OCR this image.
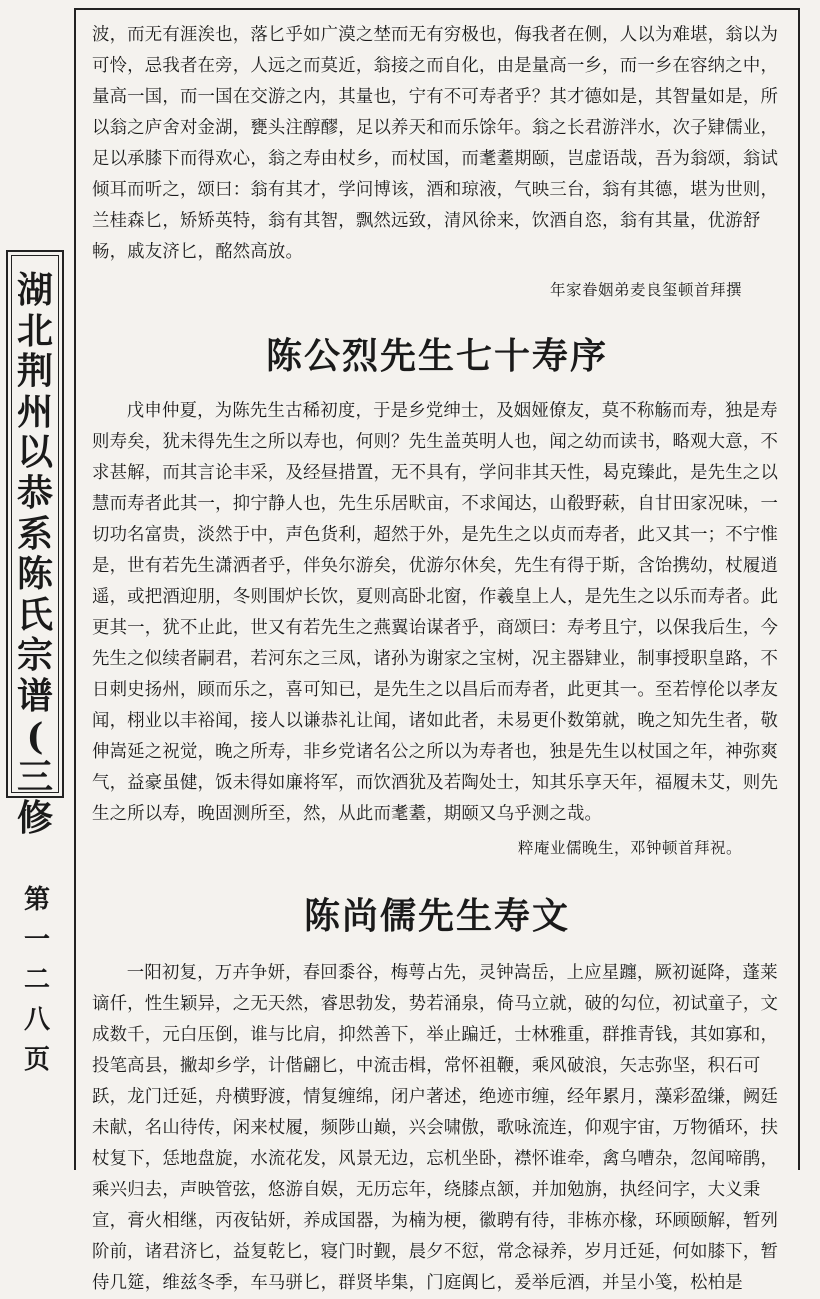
波，而无有涯涘也，落匕乎如广漠之埜而无有穷极也，侮我者在侧，人以为难堪，翁以为可怜，忌我者在旁，人远之而莫近，翁接之而自化，由是量高一乡，而一乡在容纳之中，量高一国，而一国在交游之内，其量也，宁有不可寿者乎？其才德如是，其智量如是，所以翁之庐舍对金湖，甕头注醇醪，足以养天和而乐馀年。翁之长君游泮水，次子肄儒业，足以承膝下而得欢心，翁之寿由杖乡，而杖国，而耄耋期颐，岂虚语哉，吾为翁颂，翁试倾耳而听之，颂曰：翁有其才，学问博该，酒和琼液，气映三台，翁有其德，堪为世则，兰桂森匕，矫矫英特，翁有其智，飘然远致，清风徐来，饮酒自恣，翁有其量，优游舒畅，戚友济匕，酩然高放。

年家眷姻弟麦良玺顿首拜撰

陈公烈先生七十寿序

戊申仲夏，为陈先生古稀初度，于是乡党绅士，及姻娅僚友，莫不称觞而寿，独是寿则寿矣，犹未得先生之所以寿也，何则？先生盖英明人也，闻之幼而读书，略观大意，不求甚解，而其言论丰采，及经昼措置，无不具有，学问非其天性，曷克臻此，是先生之以慧而寿者此其一，抑宁静人也，先生乐居畎亩，不求闻达，山殽野蔌，自甘田家况味，一切功名富贵，淡然于中，声色货利，超然于外，是先生之以贞而寿者，此又其一；不宁惟是，世有若先生潇洒者乎，伴奂尔游矣，优游尔休矣，先生有得于斯，含饴携幼，杖履逍遥，或把酒迎朋，冬则围炉长饮，夏则高卧北窗，作羲皇上人，是先生之以乐而寿者。此更其一，犹不止此，世又有若先生之燕翼诒谋者乎，商颂曰：寿考且宁，以保我后生，今先生之似续者嗣君，若河东之三凤，诸孙为谢家之宝树，况主器肄业，制事授职皇路，不日刺史扬州，顾而乐之，喜可知已，是先生之以昌后而寿者，此更其一。至若惇伦以孝友闻，栩业以丰裕闻，接人以谦恭礼让闻，诸如此者，未易更仆数第就，晚之知先生者，敬伸嵩延之祝觉，晚之所寿，非乡党诸名公之所以为寿者也，独是先生以杖国之年，神弥爽气，益豪虽健，饭未得如廉将军，而饮酒犹及若陶处士，知其乐享天年，福履未艾，则先生之所以寿，晚固测所至，然，从此而耄耋，期颐又乌乎测之哉。

粹庵业儒晚生，邓钟顿首拜祝。

陈尚儒先生寿文

一阳初复，万卉争妍，春回黍谷，梅萼占先，灵钟嵩岳，上应星躔，厥初诞降，蓬莱谪仟，性生颖异，之无天然，睿思勃发，势若涌泉，倚马立就，破的勾位，初试童子，文成数千，元白压倒，谁与比肩，抑然善下，举止蹁迁，士林雅重，群推青钱，其如寡和，投笔高县，撇却乡学，计偕翩匕，中流击楫，常怀祖鞭，乘风破浪，矢志弥坚，积石可跃，龙门迁延，舟横野渡，情复缠绵，闭户著述，绝迹市缠，经年累月，藻彩盈缣，阙廷未献，名山待传，闲来杖履，频陟山巅，兴会啸傲，歌咏流连，仰观宇宙，万物循环，扶杖复下，恁地盘旋，水流花发，风景无边，忘机坐卧，襟怀谁牵，禽乌嘈杂，忽闻啼鹃，乘兴归去，声映管弦，悠游自娱，无历忘年，绕膝点颔，并加勉旃，执经问字，大义秉宣，膏火相继，丙夜钻妍，养成国器，为楠为梗，徽聘有待，非栋亦椽，环顾颐解，暂列阶前，诸君济匕，益复乾匕，寝门时觐，晨夕不愆，常念禄养，岁月迁延，何如膝下，暂侍几筵，维兹冬季，车马骈匕，群贤毕集，门庭阗匕，爰举卮酒，并呈小笺，松柏是

湖
北
荆
州
以
恭
系
陈
氏
宗
谱
(
三
修
第
一
二
八
页
